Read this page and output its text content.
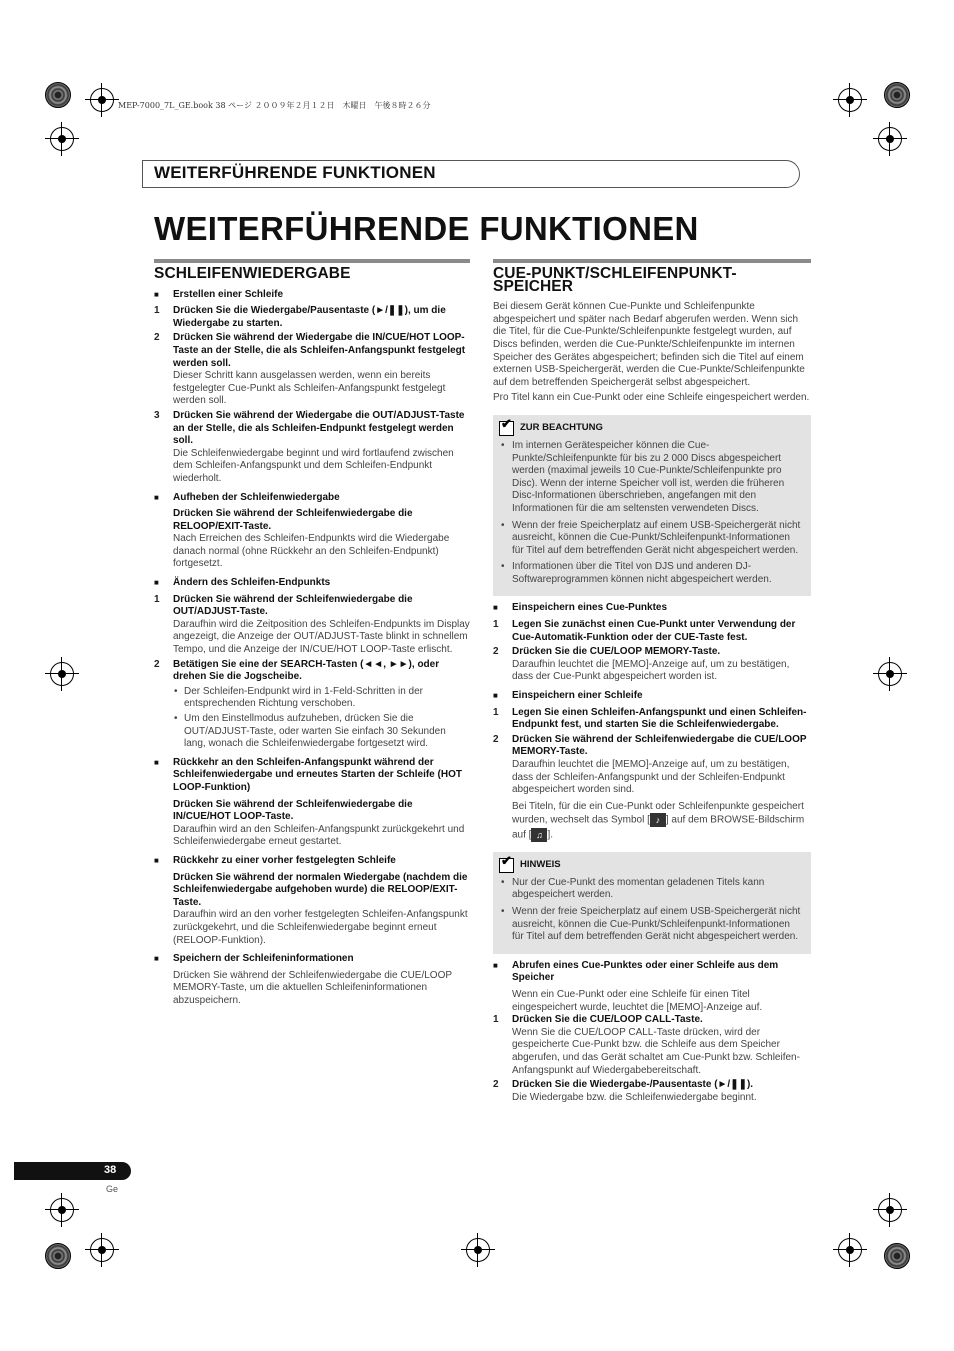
MEP-7000_7L_GE.book 38 ページ ２００９年２月１２日　木曜日　午後８時２６分
WEITERFÜHRENDE FUNKTIONEN
WEITERFÜHRENDE FUNKTIONEN
SCHLEIFENWIEDERGABE
■ Erstellen einer Schleife
1 Drücken Sie die Wiedergabe/Pausentaste (►/❚❚), um die Wiedergabe zu starten.
2 Drücken Sie während der Wiedergabe die IN/CUE/HOT LOOP-Taste an der Stelle, die als Schleifen-Anfangspunkt festgelegt werden soll.
Dieser Schritt kann ausgelassen werden, wenn ein bereits festgelegter Cue-Punkt als Schleifen-Anfangspunkt festgelegt werden soll.
3 Drücken Sie während der Wiedergabe die OUT/ADJUST-Taste an der Stelle, die als Schleifen-Endpunkt festgelegt werden soll.
Die Schleifenwiedergabe beginnt und wird fortlaufend zwischen dem Schleifen-Anfangspunkt und dem Schleifen-Endpunkt wiederholt.
■ Aufheben der Schleifenwiedergabe
Drücken Sie während der Schleifenwiedergabe die RELOOP/EXIT-Taste.
Nach Erreichen des Schleifen-Endpunkts wird die Wiedergabe danach normal (ohne Rückkehr an den Schleifen-Endpunkt) fortgesetzt.
■ Ändern des Schleifen-Endpunkts
1 Drücken Sie während der Schleifenwiedergabe die OUT/ADJUST-Taste.
Daraufhin wird die Zeitposition des Schleifen-Endpunkts im Display angezeigt, die Anzeige der OUT/ADJUST-Taste blinkt in schnellem Tempo, und die Anzeige der IN/CUE/HOT LOOP-Taste erlischt.
2 Betätigen Sie eine der SEARCH-Tasten (◄◄, ►►), oder drehen Sie die Jogscheibe.
• Der Schleifen-Endpunkt wird in 1-Feld-Schritten in der entsprechenden Richtung verschoben.
• Um den Einstellmodus aufzuheben, drücken Sie die OUT/ADJUST-Taste, oder warten Sie einfach 30 Sekunden lang, wonach die Schleifenwiedergabe fortgesetzt wird.
■ Rückkehr an den Schleifen-Anfangspunkt während der Schleifenwiedergabe und erneutes Starten der Schleife (HOT LOOP-Funktion)
Drücken Sie während der Schleifenwiedergabe die IN/CUE/HOT LOOP-Taste.
Daraufhin wird an den Schleifen-Anfangspunkt zurückgekehrt und Schleifenwiedergabe erneut gestartet.
■ Rückkehr zu einer vorher festgelegten Schleife
Drücken Sie während der normalen Wiedergabe (nachdem die Schleifenwiedergabe aufgehoben wurde) die RELOOP/EXIT-Taste.
Daraufhin wird an den vorher festgelegten Schleifen-Anfangspunkt zurückgekehrt, und die Schleifenwiedergabe beginnt erneut (RELOOP-Funktion).
■ Speichern der Schleifeninformationen
Drücken Sie während der Schleifenwiedergabe die CUE/LOOP MEMORY-Taste, um die aktuellen Schleifeninformationen abzuspeichern.
CUE-PUNKT/SCHLEIFENPUNKT-SPEICHER
Bei diesem Gerät können Cue-Punkte und Schleifenpunkte abgespeichert und später nach Bedarf abgerufen werden. Wenn sich die Titel, für die Cue-Punkte/Schleifenpunkte festgelegt wurden, auf Discs befinden, werden die Cue-Punkte/Schleifenpunkte im internen Speicher des Gerätes abgespeichert; befinden sich die Titel auf einem externen USB-Speichergerät, werden die Cue-Punkte/Schleifenpunkte auf dem betreffenden Speichergerät selbst abgespeichert.
Pro Titel kann ein Cue-Punkt oder eine Schleife eingespeichert werden.
✔
ZUR BEACHTUNG
• Im internen Gerätespeicher können die Cue-Punkte/Schleifenpunkte für bis zu 2 000 Discs abgespeichert werden (maximal jeweils 10 Cue-Punkte/Schleifenpunkte pro Disc). Wenn der interne Speicher voll ist, werden die früheren Disc-Informationen überschrieben, angefangen mit den Informationen für die am seltensten verwendeten Discs.
• Wenn der freie Speicherplatz auf einem USB-Speichergerät nicht ausreicht, können die Cue-Punkt/Schleifenpunkt-Informationen für Titel auf dem betreffenden Gerät nicht abgespeichert werden.
• Informationen über die Titel von DJS und anderen DJ-Softwareprogrammen können nicht abgespeichert werden.
■ Einspeichern eines Cue-Punktes
1 Legen Sie zunächst einen Cue-Punkt unter Verwendung der Cue-Automatik-Funktion oder der CUE-Taste fest.
2 Drücken Sie die CUE/LOOP MEMORY-Taste.
Daraufhin leuchtet die [MEMO]-Anzeige auf, um zu bestätigen, dass der Cue-Punkt abgespeichert worden ist.
■ Einspeichern einer Schleife
1 Legen Sie einen Schleifen-Anfangspunkt und einen Schleifen-Endpunkt fest, und starten Sie die Schleifenwiedergabe.
2 Drücken Sie während der Schleifenwiedergabe die CUE/LOOP MEMORY-Taste.
Daraufhin leuchtet die [MEMO]-Anzeige auf, um zu bestätigen, dass der Schleifen-Anfangspunkt und der Schleifen-Endpunkt abgespeichert worden sind.
Bei Titeln, für die ein Cue-Punkt oder Schleifenpunkte gespeichert wurden, wechselt das Symbol [ ♪ ] auf dem BROWSE-Bildschirm auf [ ♫ ].
✔
HINWEIS
• Nur der Cue-Punkt des momentan geladenen Titels kann abgespeichert werden.
• Wenn der freie Speicherplatz auf einem USB-Speichergerät nicht ausreicht, können die Cue-Punkt/Schleifenpunkt-Informationen für Titel auf dem betreffenden Gerät nicht abgespeichert werden.
■ Abrufen eines Cue-Punktes oder einer Schleife aus dem Speicher
Wenn ein Cue-Punkt oder eine Schleife für einen Titel eingespeichert wurde, leuchtet die [MEMO]-Anzeige auf.
1 Drücken Sie die CUE/LOOP CALL-Taste.
Wenn Sie die CUE/LOOP CALL-Taste drücken, wird der gespeicherte Cue-Punkt bzw. die Schleife aus dem Speicher abgerufen, und das Gerät schaltet am Cue-Punkt bzw. Schleifen-Anfangspunkt auf Wiedergabebereitschaft.
2 Drücken Sie die Wiedergabe-/Pausentaste (►/❚❚).
Die Wiedergabe bzw. die Schleifenwiedergabe beginnt.
38
Ge
